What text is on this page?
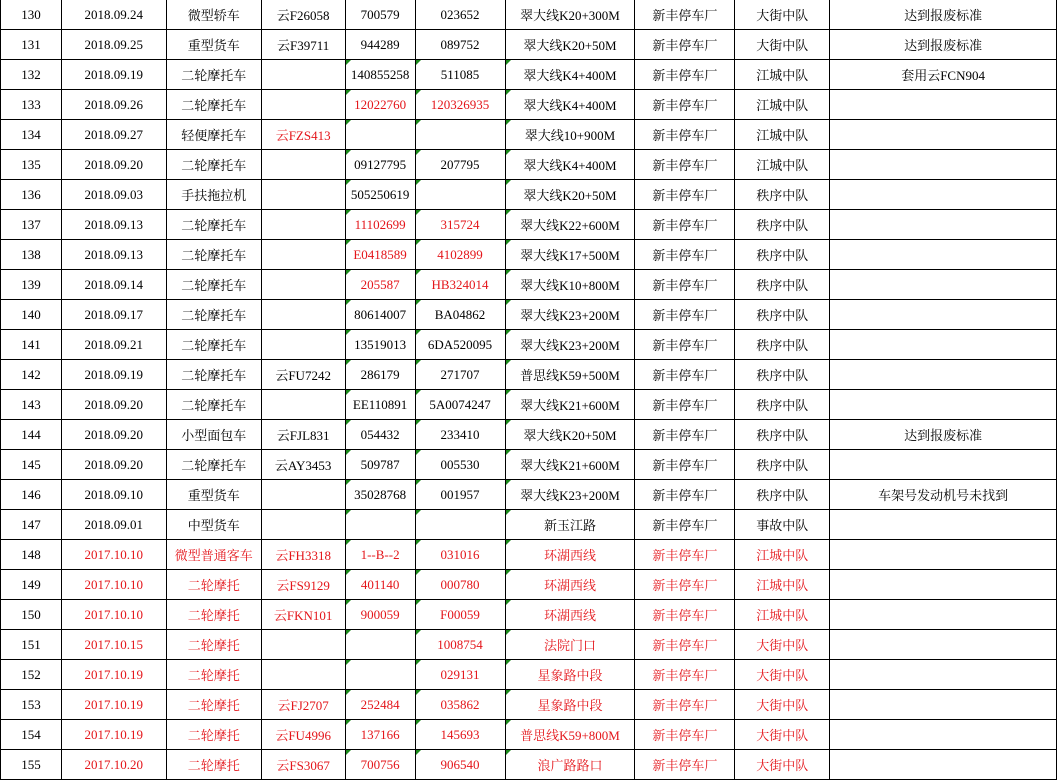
130	2018.09.24	微型轿车	云F26058	700579	023652	翠大线K20+300M	新丰停车厂	大街中队	达到报废标准
131	2018.09.25	重型货车	云F39711	944289	089752	翠大线K20+50M	新丰停车厂	大街中队	达到报废标准
132	2018.09.19	二轮摩托车		140855258	511085	翠大线K4+400M	新丰停车厂	江城中队	套用云FCN904
133	2018.09.26	二轮摩托车		12022760	120326935	翠大线K4+400M	新丰停车厂	江城中队	
134	2018.09.27	轻便摩托车	云FZS413			翠大线10+900M	新丰停车厂	江城中队	
135	2018.09.20	二轮摩托车		09127795	207795	翠大线K4+400M	新丰停车厂	江城中队	
136	2018.09.03	手扶拖拉机		505250619		翠大线K20+50M	新丰停车厂	秩序中队	
137	2018.09.13	二轮摩托车		11102699	315724	翠大线K22+600M	新丰停车厂	秩序中队	
138	2018.09.13	二轮摩托车		E0418589	4102899	翠大线K17+500M	新丰停车厂	秩序中队	
139	2018.09.14	二轮摩托车		205587	HB324014	翠大线K10+800M	新丰停车厂	秩序中队	
140	2018.09.17	二轮摩托车		80614007	BA04862	翠大线K23+200M	新丰停车厂	秩序中队	
141	2018.09.21	二轮摩托车		13519013	6DA520095	翠大线K23+200M	新丰停车厂	秩序中队	
142	2018.09.19	二轮摩托车	云FU7242	286179	271707	普思线K59+500M	新丰停车厂	秩序中队	
143	2018.09.20	二轮摩托车		EE110891	5A0074247	翠大线K21+600M	新丰停车厂	秩序中队	
144	2018.09.20	小型面包车	云FJL831	054432	233410	翠大线K20+50M	新丰停车厂	秩序中队	达到报废标准
145	2018.09.20	二轮摩托车	云AY3453	509787	005530	翠大线K21+600M	新丰停车厂	秩序中队	
146	2018.09.10	重型货车		35028768	001957	翠大线K23+200M	新丰停车厂	秩序中队	车架号发动机号未找到
147	2018.09.01	中型货车				新玉江路	新丰停车厂	事故中队	
148	2017.10.10	微型普通客车	云FH3318	1--B--2	031016	环湖西线	新丰停车厂	江城中队	
149	2017.10.10	二轮摩托	云FS9129	401140	000780	环湖西线	新丰停车厂	江城中队	
150	2017.10.10	二轮摩托	云FKN101	900059	F00059	环湖西线	新丰停车厂	江城中队	
151	2017.10.15	二轮摩托			1008754	法院门口	新丰停车厂	大街中队	
152	2017.10.19	二轮摩托			029131	星象路中段	新丰停车厂	大街中队	
153	2017.10.19	二轮摩托	云FJ2707	252484	035862	星象路中段	新丰停车厂	大街中队	
154	2017.10.19	二轮摩托	云FU4996	137166	145693	普思线K59+800M	新丰停车厂	大街中队	
155	2017.10.20	二轮摩托	云FS3067	700756	906540	浪广路路口	新丰停车厂	大街中队	
